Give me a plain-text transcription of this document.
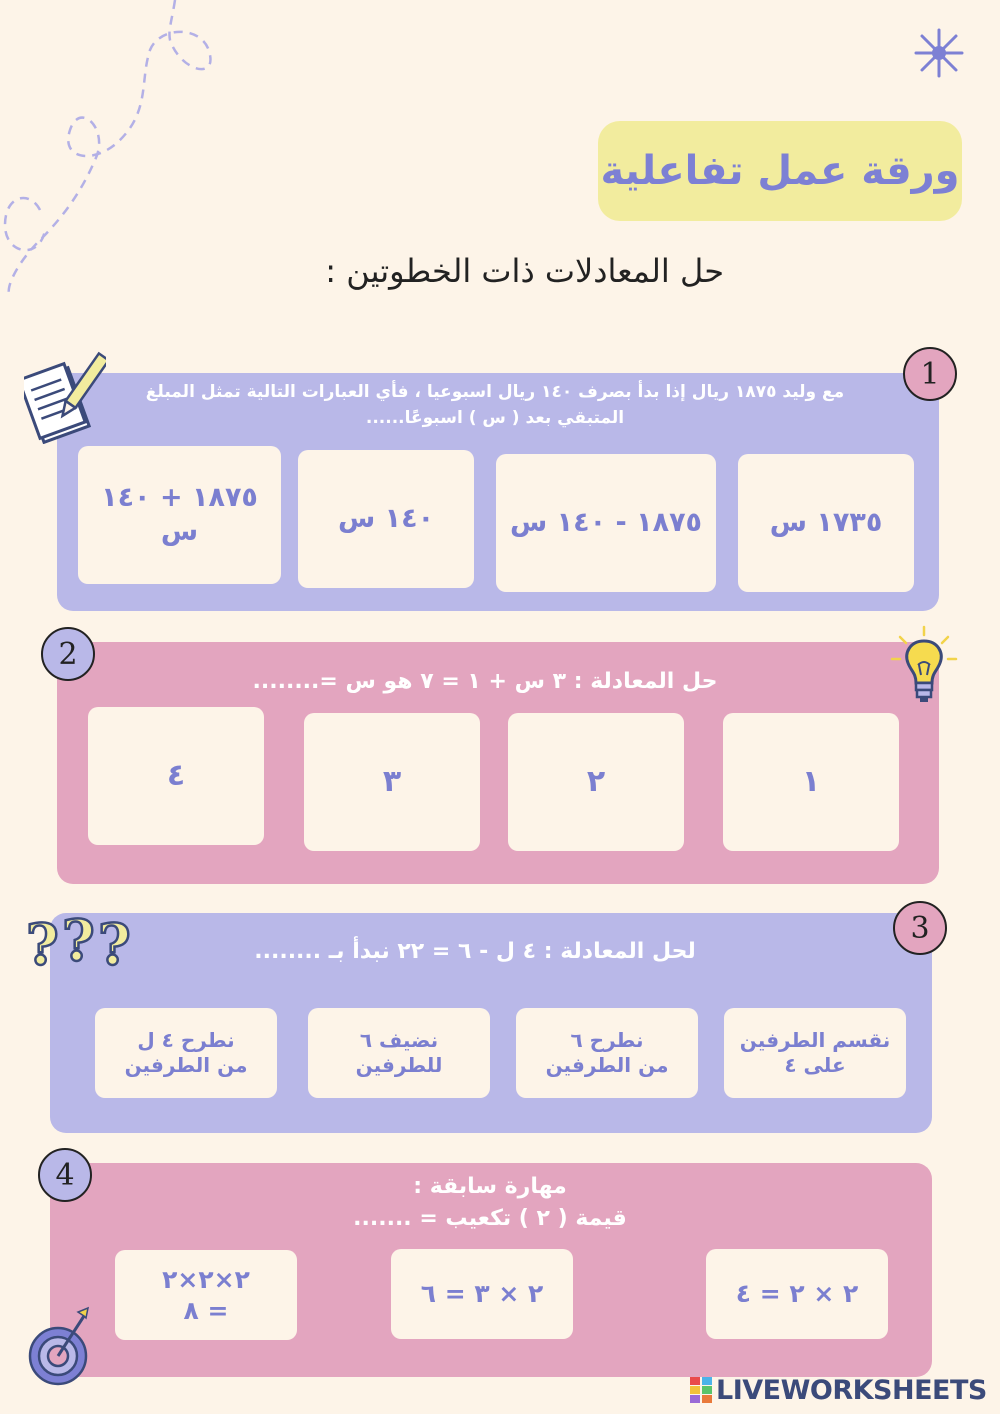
ورقة عمل تفاعلية
حل المعادلات ذات الخطوتين :
مع وليد ١٨٧٥ ريال إذا بدأ بصرف ١٤٠ ريال اسبوعيا ، فأي العبارات التالية تمثل المبلغ
المتبقي بعد ( س ) اسبوعًا......
١٧٣٥ س
١٨٧٥ - ١٤٠ س
١٤٠ س
١٨٧٥ + ١٤٠ س
1
حل المعادلة : ٣ س + ١ = ٧ هو س =........
١
٢
٣
٤
2
لحل المعادلة : ٤ ل - ٦ = ٢٢ نبدأ بـ ........
نقسم الطرفين
على ٤
نطرح ٦
من الطرفين
نضيف ٦
للطرفين
نطرح ٤ ل
من الطرفين
3
? ? ?
مهارة سابقة :
قيمة ( ٢ ) تكعيب = .......
٢ × ٢ = ٤
٢ × ٣ = ٦
٢×٢×٢
= ٨
4
LIVEWORKSHEETS
